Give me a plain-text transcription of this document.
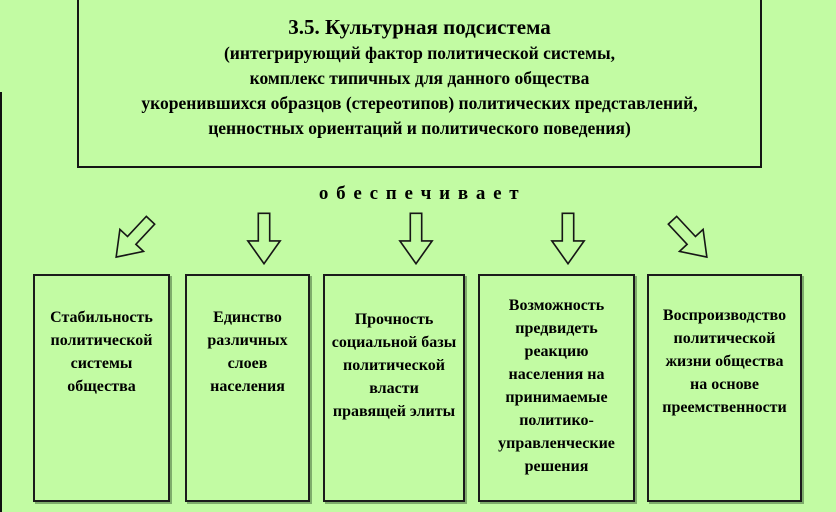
3.5. Культурная подсистема
(интегрирующий фактор политической системы,
комплекс типичных для данного общества
укоренившихся образцов (стереотипов) политических представлений,
ценностных ориентаций и политического поведения)
о б е с п е ч и в а е т
Стабильность политической системы общества
Единство различных слоев населения
Прочность социальной базы политической власти правящей элиты
Возможность предвидеть реакцию населения на принимаемые политико-управленческие решения
Воспроизводство политической жизни общества на основе преемственности
